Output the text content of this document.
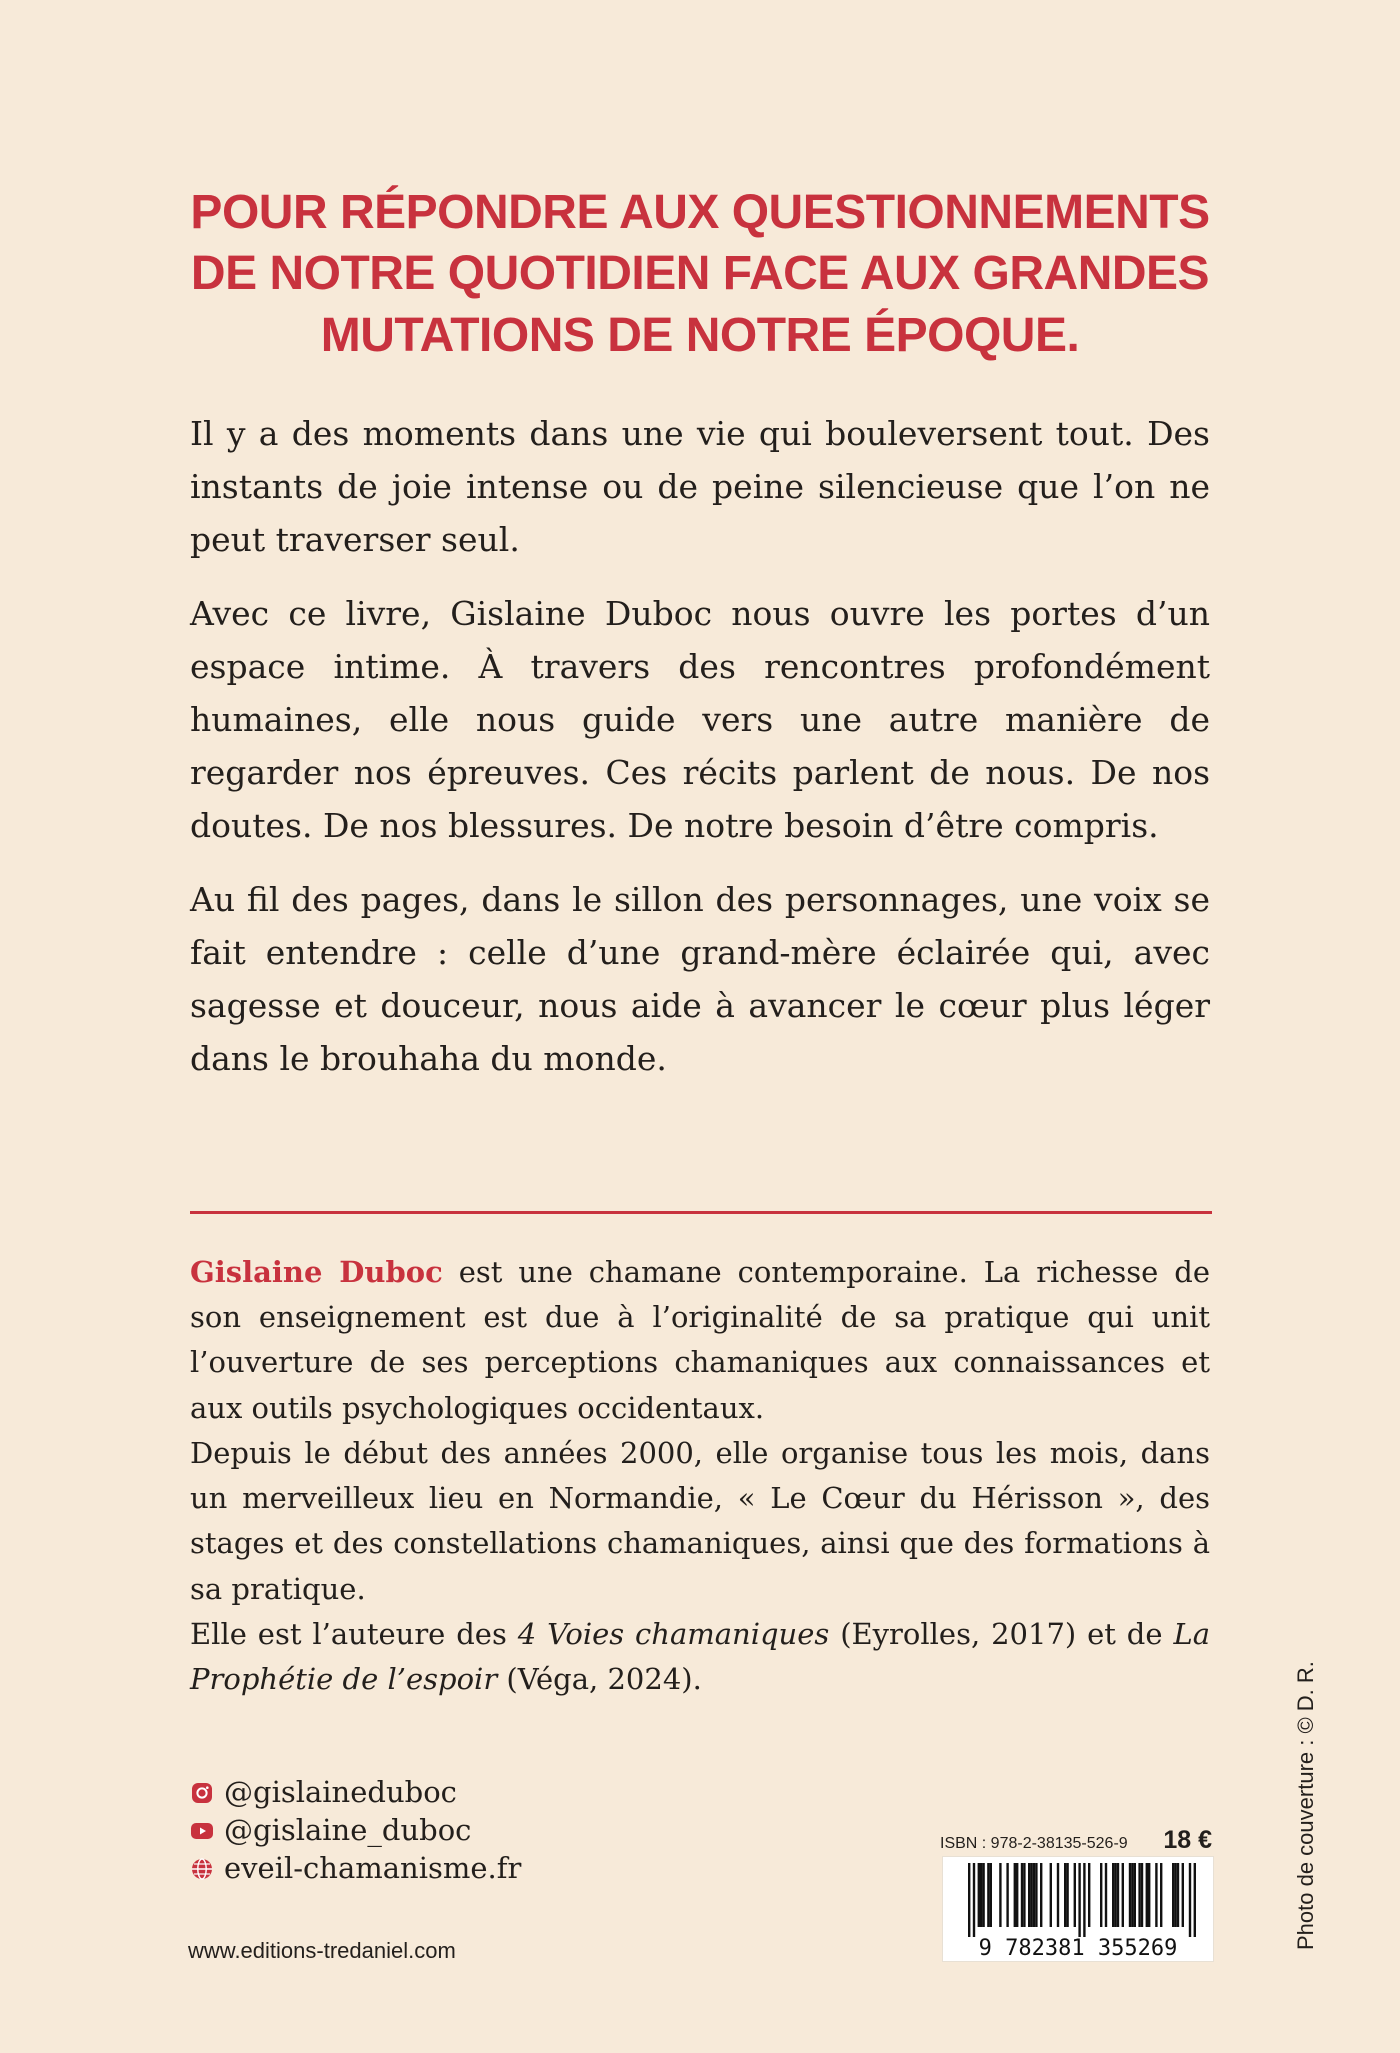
POUR RÉPONDRE AUX QUESTIONNEMENTS
DE NOTRE QUOTIDIEN FACE AUX GRANDES
MUTATIONS DE NOTRE ÉPOQUE.

Il y a des moments dans une vie qui bouleversent tout. Des instants de joie intense ou de peine silencieuse que l’on ne peut traverser seul.

Avec ce livre, Gislaine Duboc nous ouvre les portes d’un espace intime. À travers des rencontres profondément humaines, elle nous guide vers une autre manière de regarder nos épreuves. Ces récits parlent de nous. De nos doutes. De nos blessures. De notre besoin d’être compris.

Au fil des pages, dans le sillon des personnages, une voix se fait entendre : celle d’une grand-mère éclairée qui, avec sagesse et douceur, nous aide à avancer le cœur plus léger dans le brouhaha du monde.

Gislaine Duboc est une chamane contemporaine. La richesse de son enseignement est due à l’originalité de sa pratique qui unit l’ouverture de ses perceptions chamaniques aux connaissances et aux outils psychologiques occidentaux.

Depuis le début des années 2000, elle organise tous les mois, dans un merveilleux lieu en Normandie, « Le Cœur du Hérisson », des stages et des constellations chamaniques, ainsi que des formations à sa pratique.

Elle est l’auteure des 4 Voies chamaniques (Eyrolles, 2017) et de La Prophétie de l’espoir (Véga, 2024).

@gislaineduboc
@gislaine_duboc
eveil-chamanisme.fr
www.editions-tredaniel.com
Photo de couverture : © D. R.
ISBN : 978-2-38135-526-9 18 €
9 782381 355269
